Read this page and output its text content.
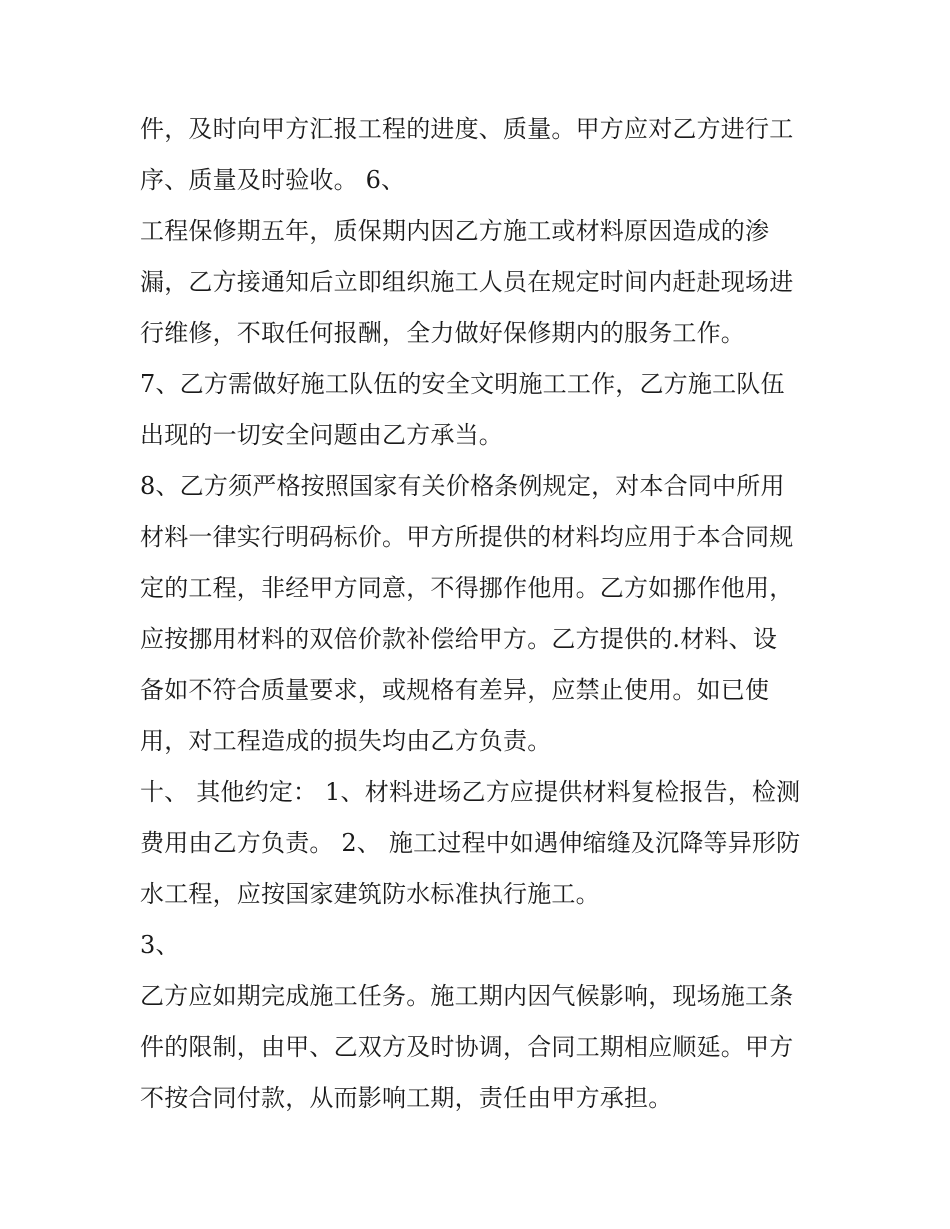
件，及时向甲方汇报工程的进度、质量。甲方应对乙方进行工
序、质量及时验收。 6、
工程保修期五年，质保期内因乙方施工或材料原因造成的渗
漏，乙方接通知后立即组织施工人员在规定时间内赶赴现场进
行维修，不取任何报酬，全力做好保修期内的服务工作。
7、乙方需做好施工队伍的安全文明施工工作，乙方施工队伍
出现的一切安全问题由乙方承当。
8、乙方须严格按照国家有关价格条例规定，对本合同中所用
材料一律实行明码标价。甲方所提供的材料均应用于本合同规
定的工程，非经甲方同意，不得挪作他用。乙方如挪作他用，
应按挪用材料的双倍价款补偿给甲方。乙方提供的.材料、设
备如不符合质量要求，或规格有差异，应禁止使用。如已使
用，对工程造成的损失均由乙方负责。
十、 其他约定： 1、材料进场乙方应提供材料复检报告，检测
费用由乙方负责。 2、 施工过程中如遇伸缩缝及沉降等异形防
水工程，应按国家建筑防水标准执行施工。
3、
乙方应如期完成施工任务。施工期内因气候影响，现场施工条
件的限制，由甲、乙双方及时协调，合同工期相应顺延。甲方
不按合同付款，从而影响工期，责任由甲方承担。
